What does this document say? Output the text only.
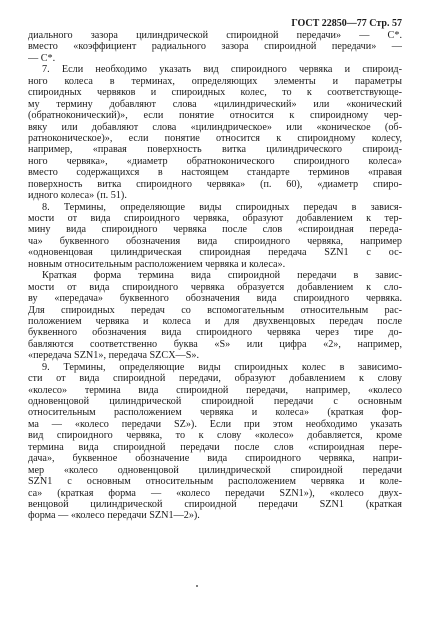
ГОСТ 22850—77 Стр. 57
диального зазора цилиндрической спироидной передачи» — С*.
вместо «коэффициент радиального зазора спироидной передачи» —
— С*.
7. Если необходимо указать вид спироидного червяка и спироид-
ного колеса в терминах, определяющих элементы и параметры
спироидных червяков и спироидных колес, то к соответствующе-
му термину добавляют слова «цилиндрический» или «конический
(обратноконический)», если понятие относится к спироидному чер-
вяку или добавляют слова «цилиндрическое» или «коническое (об-
ратноконическое)», если понятие относится к спироидному колесу,
например, «правая поверхность витка цилиндрического спироид-
ного червяка», «диаметр обратноконического спироидного колеса»
вместо содержащихся в настоящем стандарте терминов «правая
поверхность витка спироидного червяка» (п. 60), «диаметр спиро-
идного колеса» (п. 51).
8. Термины, определяющие виды спироидных передач в завися-
мости от вида спироидного червяка, образуют добавлением к тер-
мину вида спироидного червяка после слов «спироидная переда-
ча» буквенного обозначения вида спироидного червяка, например
«одновенцовая цилиндрическая спироидная передача SZN1 с ос-
новным относительным расположением червяка и колеса».
Краткая форма термина вида спироидной передачи в завис-
мости от вида спироидного червяка образуется добавлением к сло-
ву «передача» буквенного обозначения вида спироидного червяка.
Для спироидных передач со вспомогательным относительным рас-
положением червяка и колеса и для двухвенцовых передач после
буквенного обозначения вида спироидного червяка через тире до-
бавляются соответственно буква «S» или цифра «2», например,
«передача SZN1», передача SZCX—S».
9. Термины, определяющие виды спироидных колес в зависимо-
сти от вида спироидной передачи, образуют добавлением к слову
«колесо» термина вида спироидной передачи, например, «колесо
одновенцовой цилиндрической спироидной передачи с основным
относительным расположением червяка и колеса» (краткая фор-
ма — «колесо передачи SZ»). Если при этом необходимо указать
вид спироидного червяка, то к слову «колесо» добавляется, кроме
термина вида спироидной передачи после слов «спироидная пере-
дача», буквенное обозначение вида спироидного червяка, напри-
мер «колесо одновенцовой цилиндрической спироидной передачи
SZN1 с основным относительным расположением червяка и коле-
са» (краткая форма — «колесо передачи SZN1»), «колесо двух-
венцовой цилиндрической спироидной передачи SZN1 (краткая
форма — «колесо передачи SZN1—2»).
